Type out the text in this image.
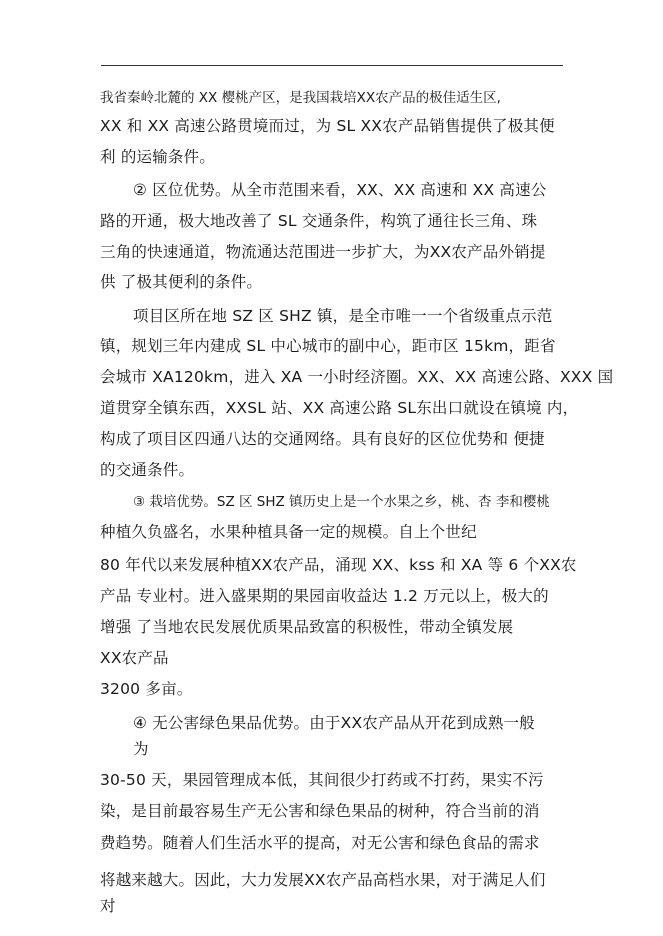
我省秦岭北麓的 XX 樱桃产区，是我国栽培XX农产品的极佳适生区,
XX 和 XX 高速公路贯境而过，为 SL XX农产品销售提供了极其便
利 的运输条件。
② 区位优势。从全市范围来看，XX、XX 高速和 XX 高速公
路的开通，极大地改善了 SL 交通条件，构筑了通往长三角、珠
三角的快速通道，物流通达范围进一步扩大，为XX农产品外销提
供 了极其便利的条件。
项目区所在地 SZ 区 SHZ 镇，是全市唯一一个省级重点示范
镇，规划三年内建成 SL 中心城市的副中心，距市区 15km，距省
会城市 XA120km，进入 XA 一小时经济圈。XX、XX 高速公路、XXX 国
道贯穿全镇东西，XXSL 站、XX 高速公路 SL东出口就设在镇境 内，
构成了项目区四通八达的交通网络。具有良好的区位优势和 便捷
的交通条件。
③ 栽培优势。SZ 区 SHZ 镇历史上是一个水果之乡，桃、杏 李和樱桃
种植久负盛名，水果种植具备一定的规模。自上个世纪
80 年代以来发展种植XX农产品，涌现 XX、kss 和 XA 等 6 个XX农
产品 专业村。进入盛果期的果园亩收益达 1.2 万元以上，极大的
增强 了当地农民发展优质果品致富的积极性，带动全镇发展
XX农产品
3200 多亩。
④ 无公害绿色果品优势。由于XX农产品从开花到成熟一般
为
30-50 天，果园管理成本低，其间很少打药或不打药，果实不污
染，是目前最容易生产无公害和绿色果品的树种，符合当前的消
费趋势。随着人们生活水平的提高，对无公害和绿色食品的需求
将越来越大。因此，大力发展XX农产品高档水果，对于满足人们
对
